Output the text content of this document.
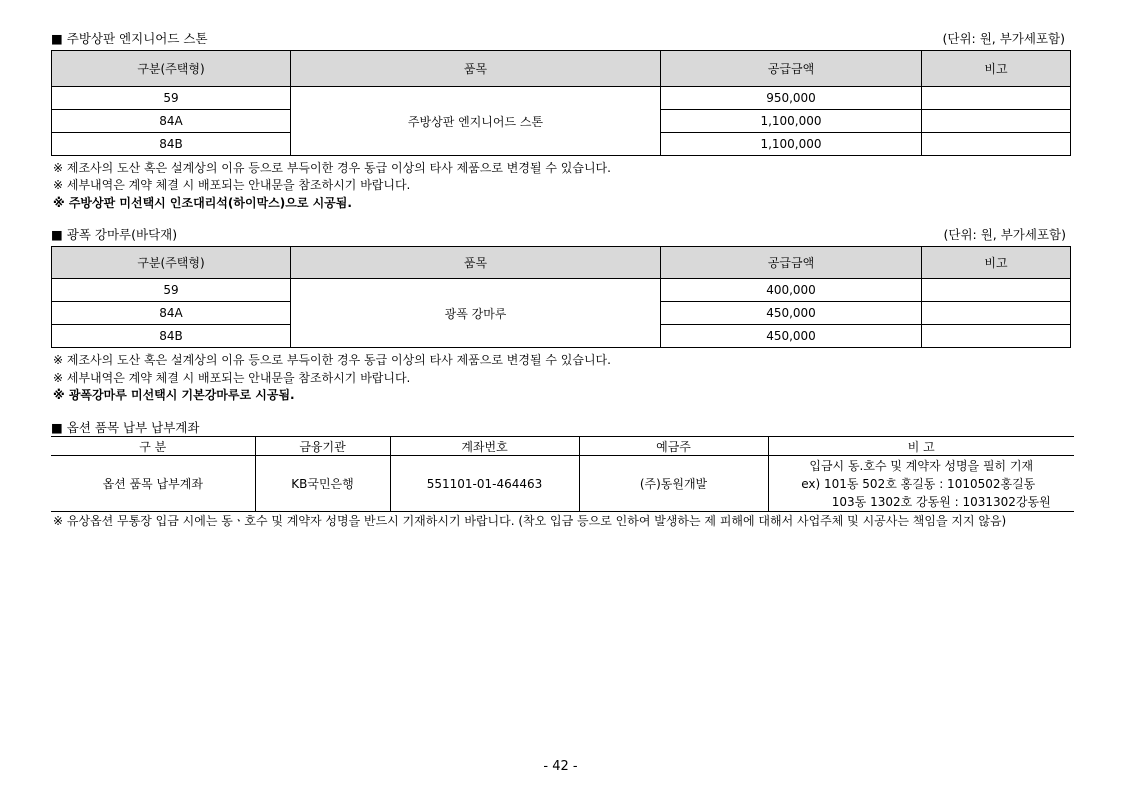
■ 주방상판 엔지니어드 스톤	(단위: 원, 부가세포함)
구분(주택형)	품목	공급금액	비고
59	주방상판 엔지니어드 스톤	950,000	
84A		1,100,000	
84B		1,100,000	
※ 제조사의 도산 혹은 설계상의 이유 등으로 부득이한 경우 동급 이상의 타사 제품으로 변경될 수 있습니다.
※ 세부내역은 계약 체결 시 배포되는 안내문을 참조하시기 바랍니다.
※ 주방상판 미선택시 인조대리석(하이막스)으로 시공됨.
■ 광폭 강마루(바닥재)	(단위: 원, 부가세포함)
구분(주택형)	품목	공급금액	비고
59	광폭 강마루	400,000	
84A		450,000	
84B		450,000	
※ 제조사의 도산 혹은 설계상의 이유 등으로 부득이한 경우 동급 이상의 타사 제품으로 변경될 수 있습니다.
※ 세부내역은 계약 체결 시 배포되는 안내문을 참조하시기 바랍니다.
※ 광폭강마루 미선택시 기본강마루로 시공됨.
■ 옵션 품목 납부 납부계좌
구 분	금융기관	계좌번호	예금주	비 고
옵션 품목 납부계좌	KB국민은행	551101-01-464463	(주)동원개발	입금시 동.호수 및 계약자 성명을 필히 기재
ex) 101동 502호 홍길동 : 1010502홍길동
103동 1302호 강동원 : 1031302강동원
※ 유상옵션 무통장 입금 시에는 동ㆍ호수 및 계약자 성명을 반드시 기재하시기 바랍니다. (착오 입금 등으로 인하여 발생하는 제 피해에 대해서 사업주체 및 시공사는 책임을 지지 않음)
- 42 -
